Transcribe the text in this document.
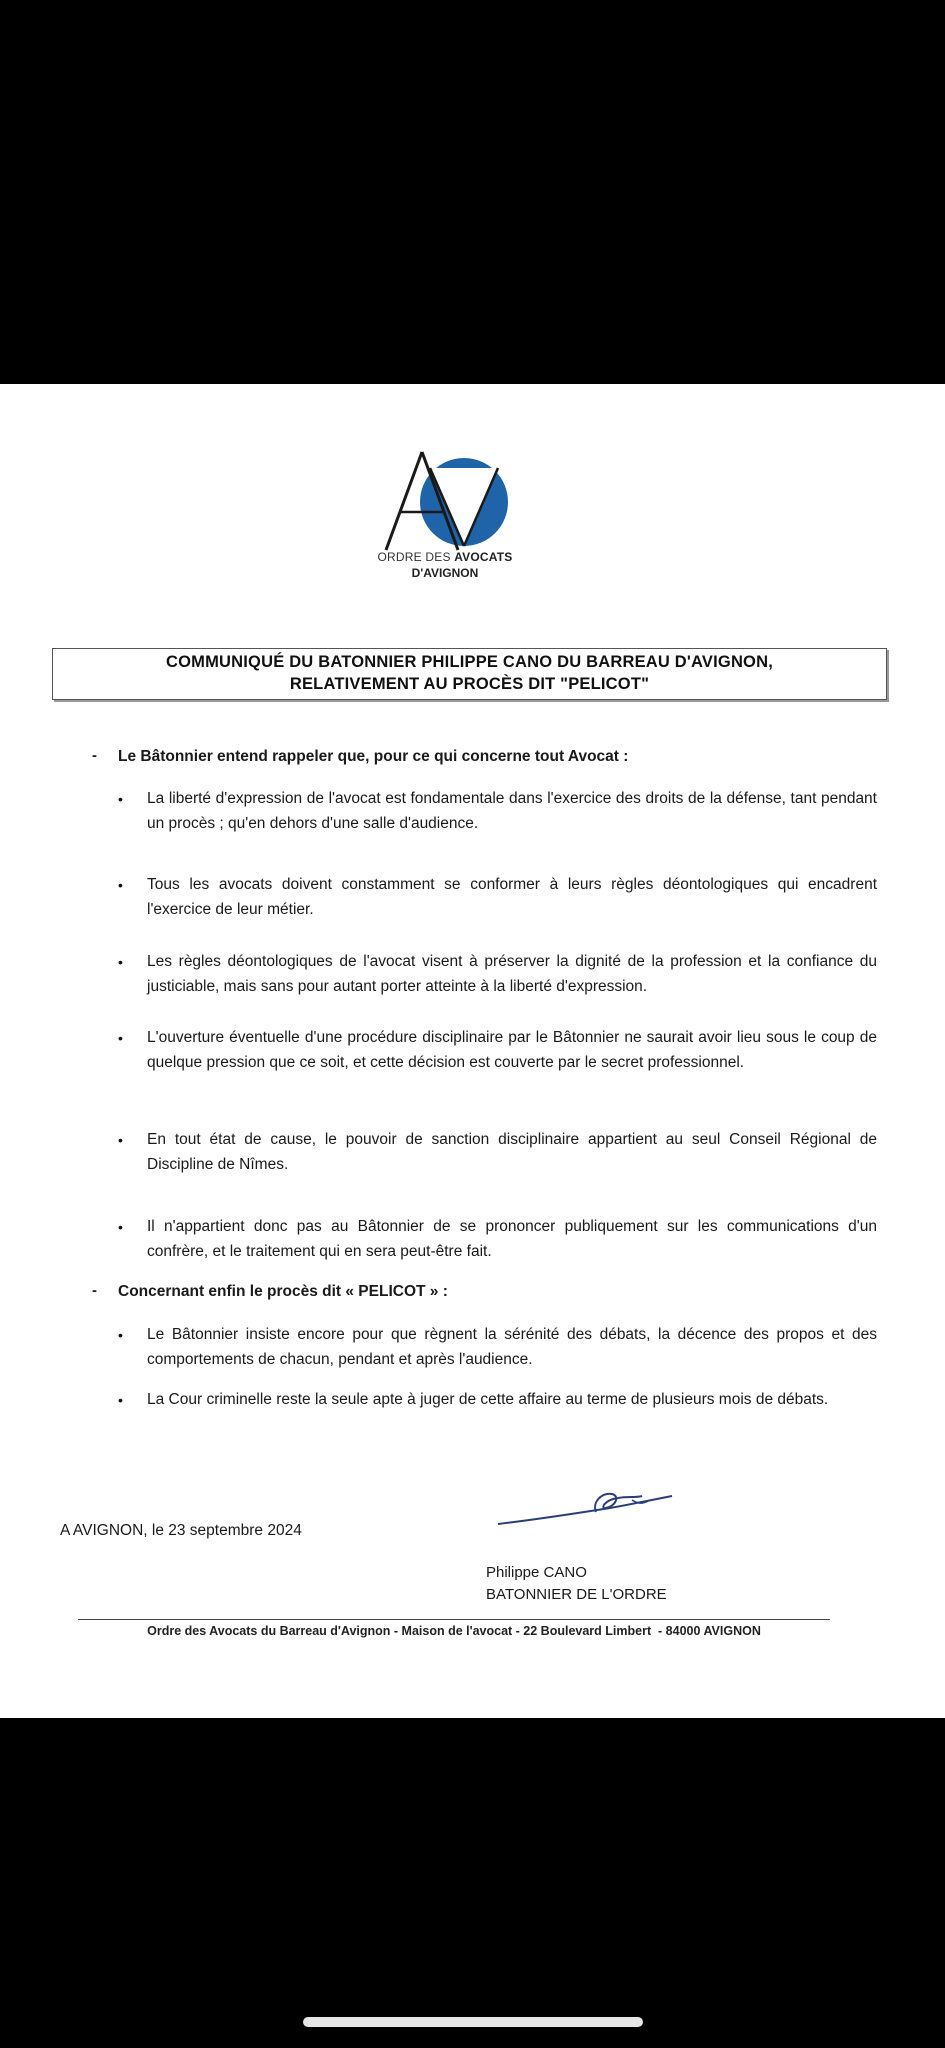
ORDRE DES AVOCATS
D'AVIGNON
COMMUNIQUÉ DU BATONNIER PHILIPPE CANO DU BARREAU D'AVIGNON,
RELATIVEMENT AU PROCÈS DIT "PELICOT"
- Le Bâtonnier entend rappeler que, pour ce qui concerne tout Avocat :
•	La liberté d'expression de l'avocat est fondamentale dans l'exercice des droits de la défense, tant pendant un procès ; qu'en dehors d'une salle d'audience.
•	Tous les avocats doivent constamment se conformer à leurs règles déontologiques qui encadrent l'exercice de leur métier.
•	Les règles déontologiques de l'avocat visent à préserver la dignité de la profession et la confiance du justiciable, mais sans pour autant porter atteinte à la liberté d'expression.
•	L'ouverture éventuelle d'une procédure disciplinaire par le Bâtonnier ne saurait avoir lieu sous le coup de quelque pression que ce soit, et cette décision est couverte par le secret professionnel.
•	En tout état de cause, le pouvoir de sanction disciplinaire appartient au seul Conseil Régional de Discipline de Nîmes.
•	Il n'appartient donc pas au Bâtonnier de se prononcer publiquement sur les communications d'un confrère, et le traitement qui en sera peut-être fait.
- Concernant enfin le procès dit « PELICOT » :
•	Le Bâtonnier insiste encore pour que règnent la sérénité des débats, la décence des propos et des comportements de chacun, pendant et après l'audience.
•	La Cour criminelle reste la seule apte à juger de cette affaire au terme de plusieurs mois de débats.
A AVIGNON, le 23 septembre 2024
Philippe CANO
BATONNIER DE L'ORDRE
Ordre des Avocats du Barreau d'Avignon - Maison de l'avocat - 22 Boulevard Limbert  - 84000 AVIGNON
